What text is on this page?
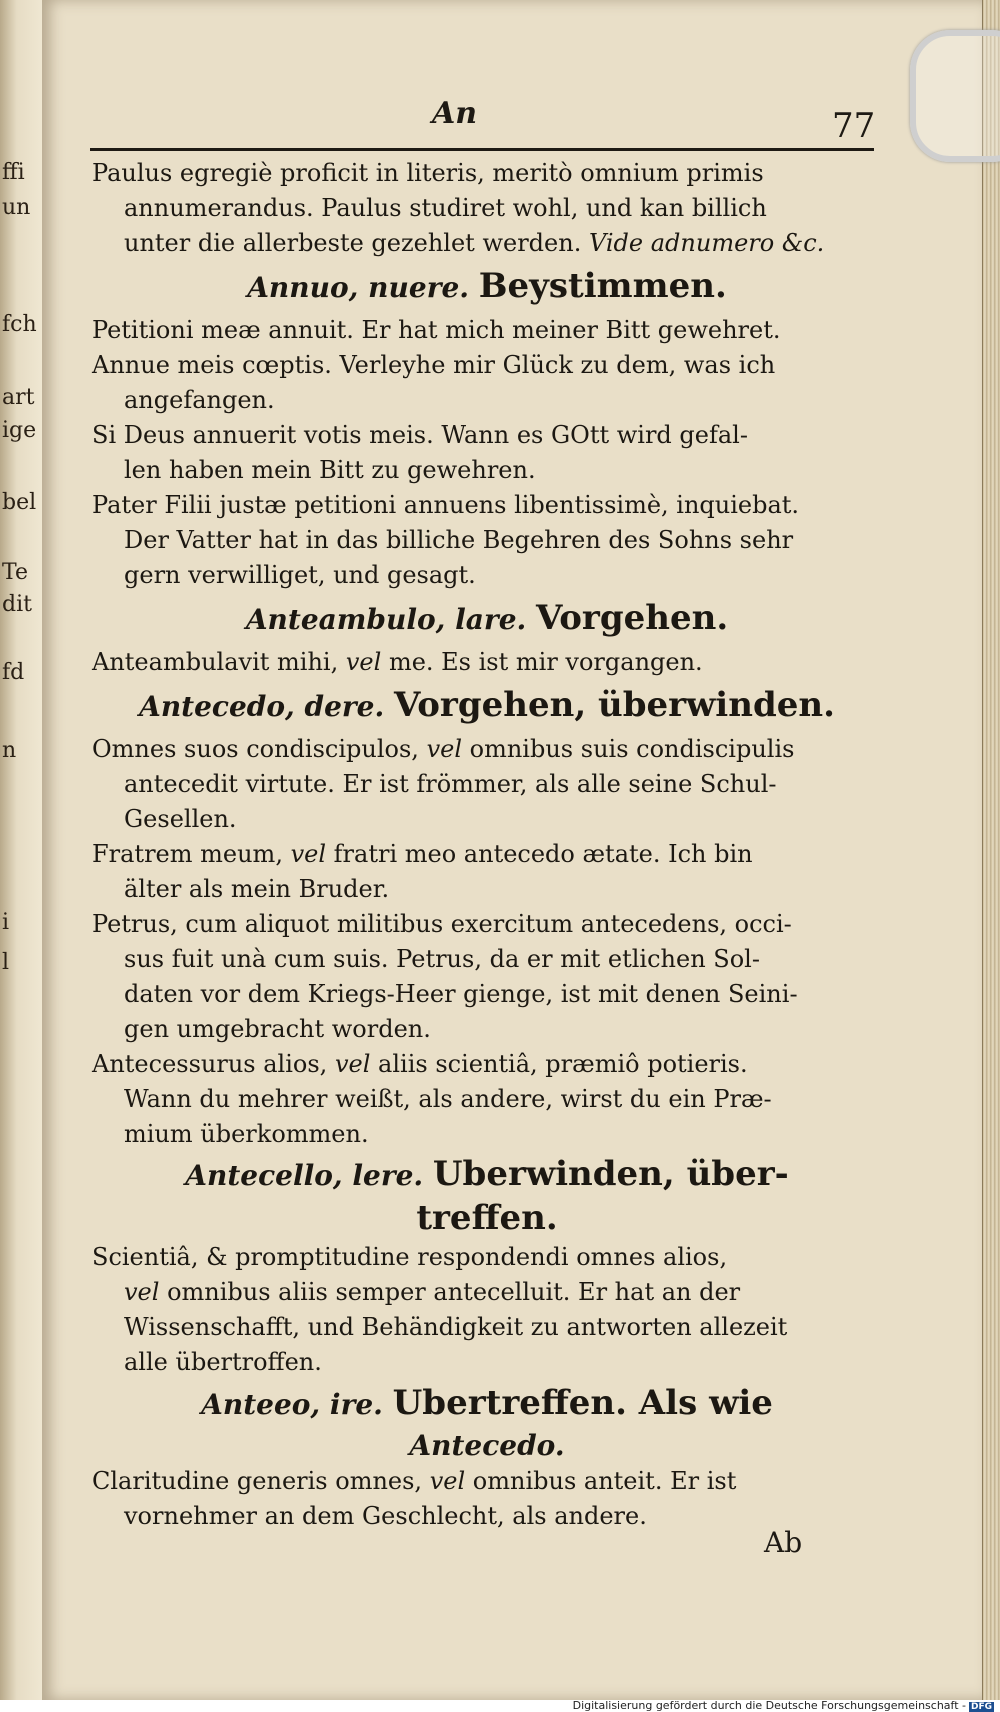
ffi
un
fch
art
ige
bel
Te
dit
fd
n
i
l
An	77
Paulus egregiè proficit in literis, meritò omnium primis
annumerandus. Paulus studiret wohl, und kan billich
unter die allerbeste gezehlet werden. Vide adnumero &c.
Annuo, nuere. Beystimmen.
Petitioni meæ annuit. Er hat mich meiner Bitt gewehret.
Annue meis cœptis. Verleyhe mir Glück zu dem, was ich
angefangen.
Si Deus annuerit votis meis. Wann es GOtt wird gefal-
len haben mein Bitt zu gewehren.
Pater Filii justæ petitioni annuens libentissimè, inquiebat.
Der Vatter hat in das billiche Begehren des Sohns sehr
gern verwilliget, und gesagt.
Anteambulo, lare. Vorgehen.
Anteambulavit mihi, vel me. Es ist mir vorgangen.
Antecedo, dere. Vorgehen, überwinden.
Omnes suos condiscipulos, vel omnibus suis condiscipulis
antecedit virtute. Er ist frömmer, als alle seine Schul-
Gesellen.
Fratrem meum, vel fratri meo antecedo ætate. Ich bin
älter als mein Bruder.
Petrus, cum aliquot militibus exercitum antecedens, occi-
sus fuit unà cum suis. Petrus, da er mit etlichen Sol-
daten vor dem Kriegs-Heer gienge, ist mit denen Seini-
gen umgebracht worden.
Antecessurus alios, vel aliis scientiâ, præmiô potieris.
Wann du mehrer weißt, als andere, wirst du ein Præ-
mium überkommen.
Antecello, lere. Uberwinden, über-
treffen.
Scientiâ, & promptitudine respondendi omnes alios,
vel omnibus aliis semper antecelluit. Er hat an der
Wissenschafft, und Behändigkeit zu antworten allezeit
alle übertroffen.
Anteeo, ire. Ubertreffen. Als wie
Antecedo.
Claritudine generis omnes, vel omnibus anteit. Er ist
vornehmer an dem Geschlecht, als andere.
Ab
Digitalisierung gefördert durch die Deutsche Forschungsgemeinschaft - DFG
